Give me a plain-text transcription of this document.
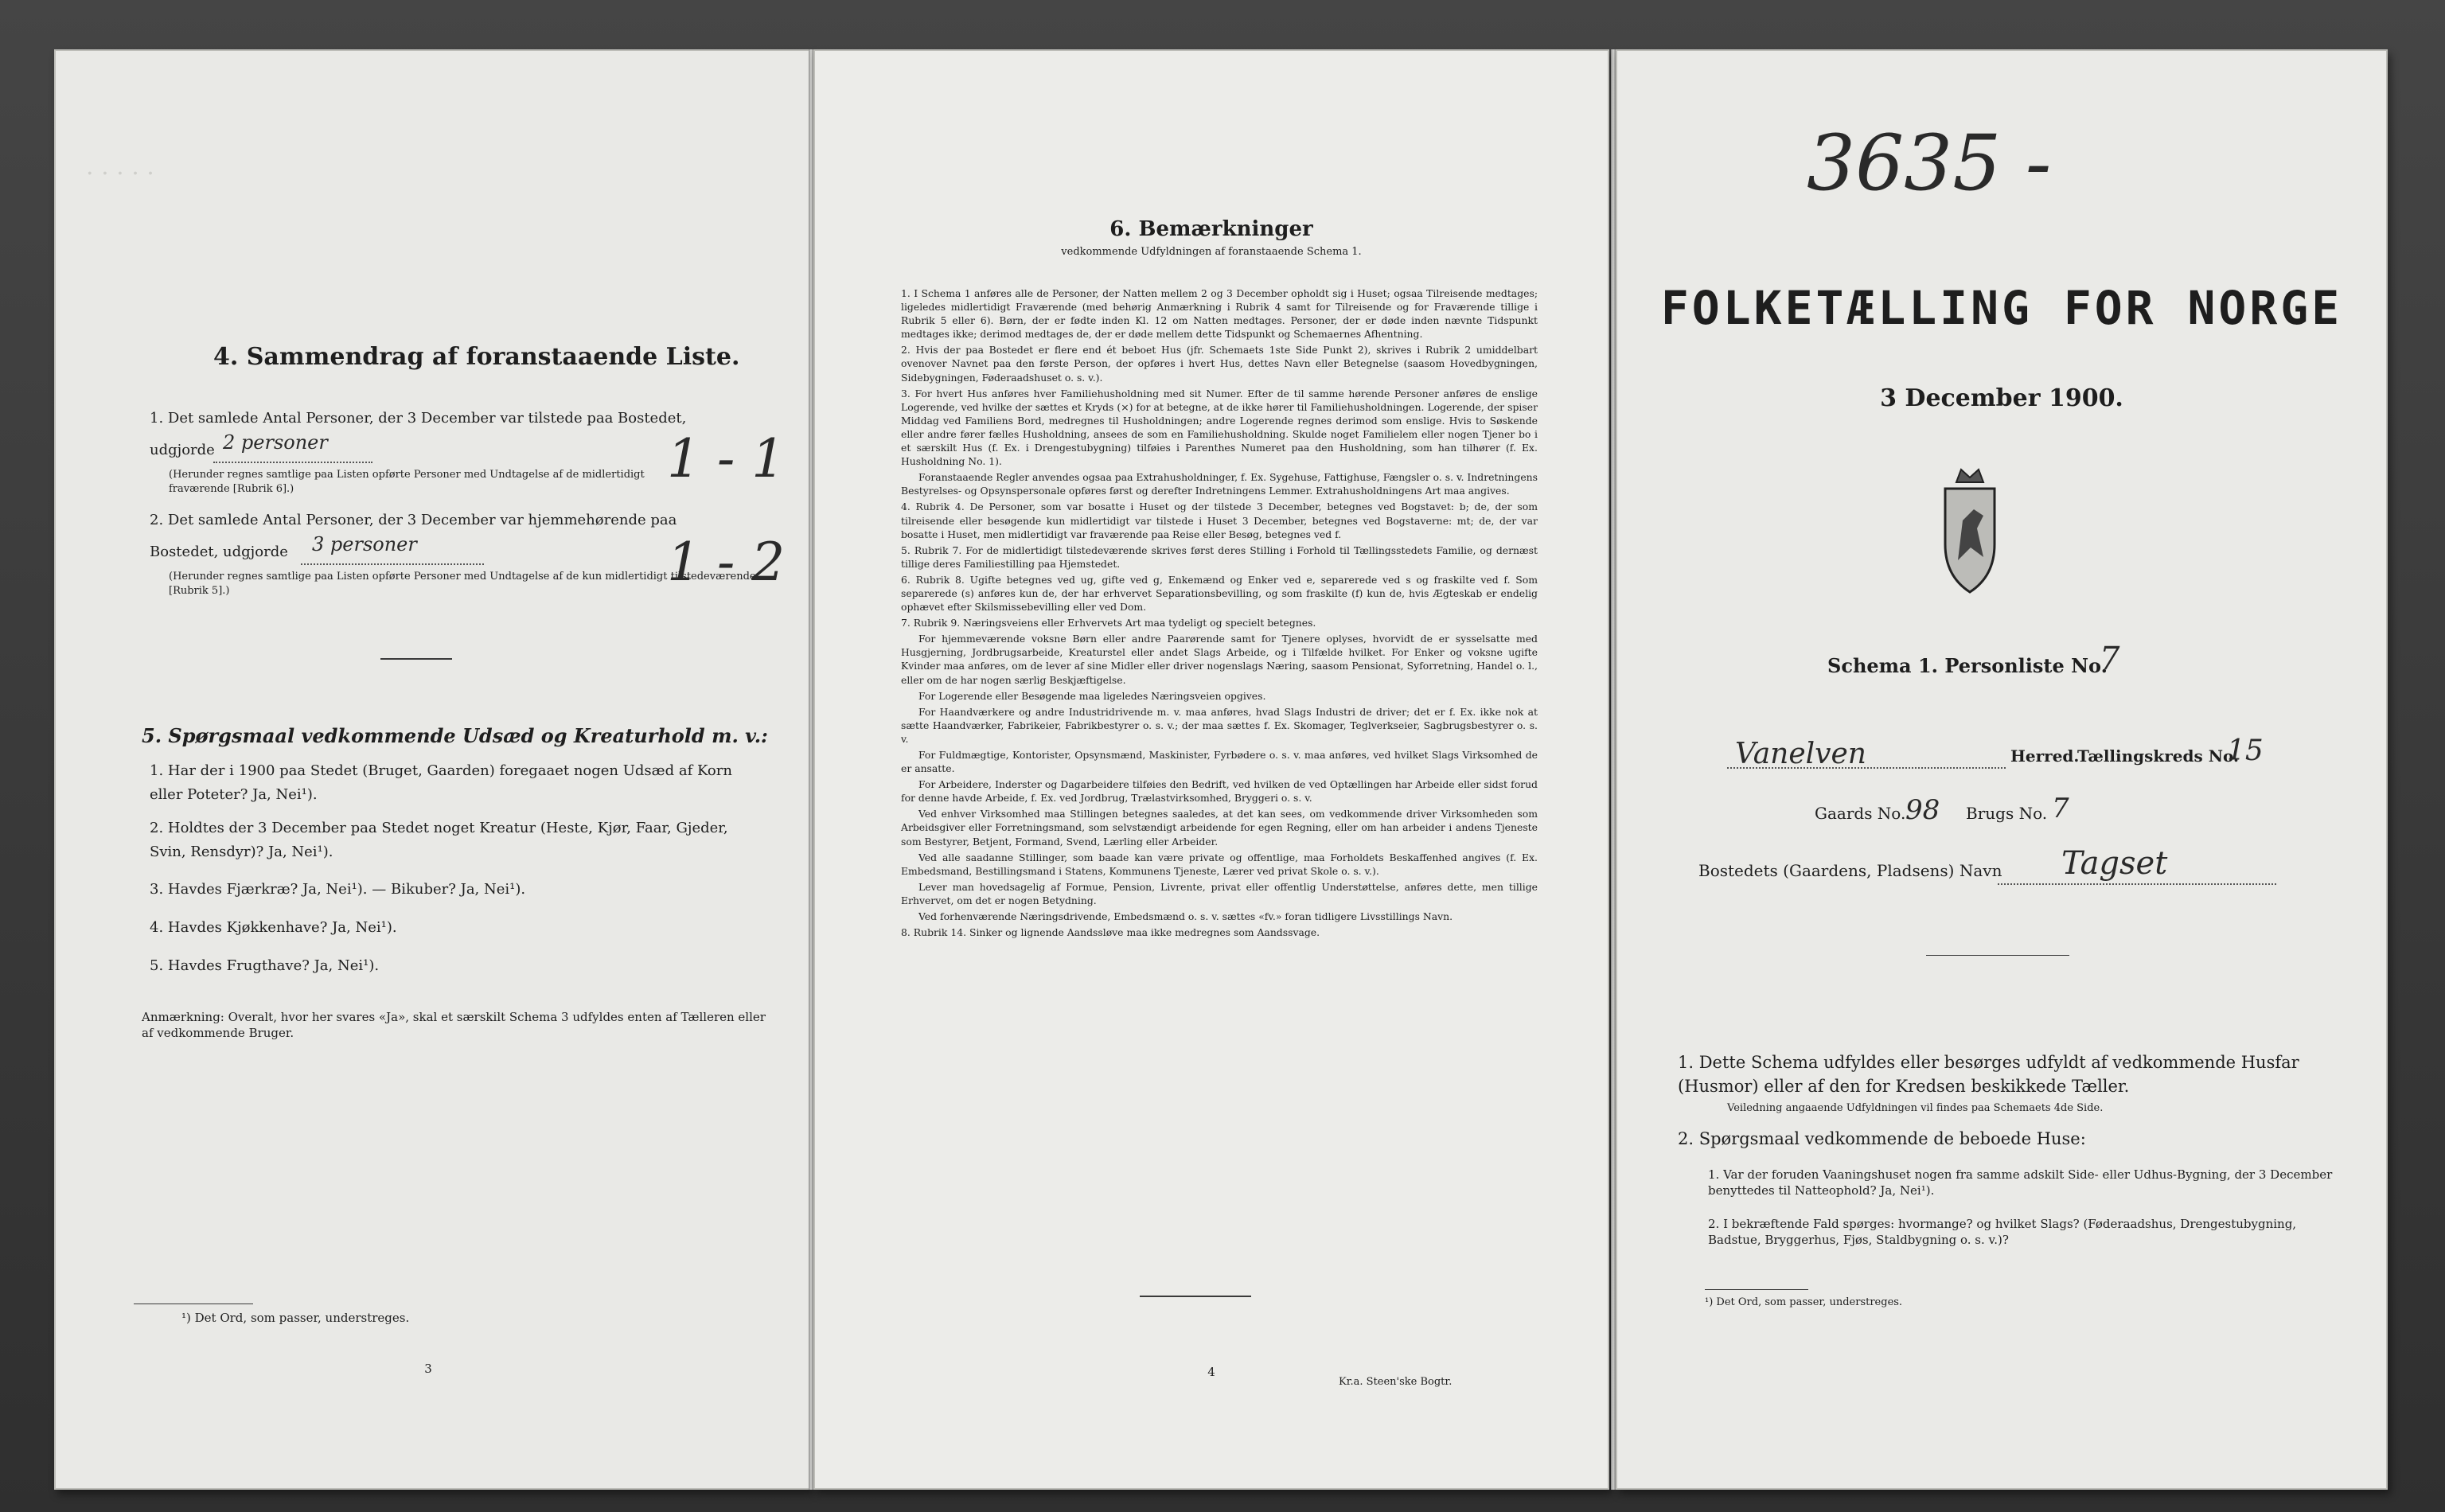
. . . . .
4. Sammendrag af foranstaaende Liste.
1. Det samlede Antal Personer, der 3 December var tilstede paa Bostedet,
udgjorde 2 personer
(Herunder regnes samtlige paa Listen opførte Personer med Undtagelse af de midlertidigt fraværende [Rubrik 6].)	1 - 1
2. Det samlede Antal Personer, der 3 December var hjemmehørende paa
Bostedet, udgjorde 3 personer
(Herunder regnes samtlige paa Listen opførte Personer med Undtagelse af de kun midlertidigt tilstedeværende [Rubrik 5].)	1 - 2
5. Spørgsmaal vedkommende Udsæd og Kreaturhold m. v.:
1. Har der i 1900 paa Stedet (Bruget, Gaarden) foregaaet nogen Udsæd af Korn eller Poteter? Ja, Nei¹).
2. Holdtes der 3 December paa Stedet noget Kreatur (Heste, Kjør, Faar, Gjeder, Svin, Rensdyr)? Ja, Nei¹).
3. Havdes Fjærkræ? Ja, Nei¹). — Bikuber? Ja, Nei¹).
4. Havdes Kjøkkenhave? Ja, Nei¹).
5. Havdes Frugthave? Ja, Nei¹).
Anmærkning: Overalt, hvor her svares «Ja», skal et særskilt Schema 3 udfyldes enten af Tælleren eller af vedkommende Bruger.
¹) Det Ord, som passer, understreges.
3
6. Bemærkninger
vedkommende Udfyldningen af foranstaaende Schema 1.
1. I Schema 1 anføres alle de Personer, der Natten mellem 2 og 3 December opholdt sig i Huset; ogsaa Tilreisende medtages; ligeledes midlertidigt Fraværende (med behørig Anmærkning i Rubrik 4 samt for Tilreisende og for Fraværende tillige i Rubrik 5 eller 6). Børn, der er fødte inden Kl. 12 om Natten medtages. Personer, der er døde inden nævnte Tidspunkt medtages ikke; derimod medtages de, der er døde mellem dette Tidspunkt og Schemaernes Afhentning.
2. Hvis der paa Bostedet er flere end ét beboet Hus (jfr. Schemaets 1ste Side Punkt 2), skrives i Rubrik 2 umiddelbart ovenover Navnet paa den første Person, der opføres i hvert Hus, dettes Navn eller Betegnelse (saasom Hovedbygningen, Sidebygningen, Føderaadshuset o. s. v.).
3. For hvert Hus anføres hver Familiehusholdning med sit Numer. Efter de til samme hørende Personer anføres de enslige Logerende, ved hvilke der sættes et Kryds (×) for at betegne, at de ikke hører til Familiehusholdningen. Logerende, der spiser Middag ved Familiens Bord, medregnes til Husholdningen; andre Logerende regnes derimod som enslige. Hvis to Søskende eller andre fører fælles Husholdning, ansees de som en Familiehusholdning. Skulde noget Familielem eller nogen Tjener bo i et særskilt Hus (f. Ex. i Drengestubygning) tilføies i Parenthes Numeret paa den Husholdning, som han tilhører (f. Ex. Husholdning No. 1).
Foranstaaende Regler anvendes ogsaa paa Extrahusholdninger, f. Ex. Sygehuse, Fattighuse, Fængsler o. s. v. Indretningens Bestyrelses- og Opsynspersonale opføres først og derefter Indretningens Lemmer. Extrahusholdningens Art maa angives.
4. Rubrik 4. De Personer, som var bosatte i Huset og der tilstede 3 December, betegnes ved Bogstavet: b; de, der som tilreisende eller besøgende kun midlertidigt var tilstede i Huset 3 December, betegnes ved Bogstaverne: mt; de, der var bosatte i Huset, men midlertidigt var fraværende paa Reise eller Besøg, betegnes ved f.
5. Rubrik 7. For de midlertidigt tilstedeværende skrives først deres Stilling i Forhold til Tællingsstedets Familie, og dernæst tillige deres Familiestilling paa Hjemstedet.
6. Rubrik 8. Ugifte betegnes ved ug, gifte ved g, Enkemænd og Enker ved e, separerede ved s og fraskilte ved f. Som separerede (s) anføres kun de, der har erhvervet Separationsbevilling, og som fraskilte (f) kun de, hvis Ægteskab er endelig ophævet efter Skilsmissebevilling eller ved Dom.
7. Rubrik 9. Næringsveiens eller Erhvervets Art maa tydeligt og specielt betegnes.
For hjemmeværende voksne Børn eller andre Paarørende samt for Tjenere oplyses, hvorvidt de er sysselsatte med Husgjerning, Jordbrugsarbeide, Kreaturstel eller andet Slags Arbeide, og i Tilfælde hvilket. For Enker og voksne ugifte Kvinder maa anføres, om de lever af sine Midler eller driver nogenslags Næring, saasom Pensionat, Syforretning, Handel o. l., eller om de har nogen særlig Beskjæftigelse.
For Logerende eller Besøgende maa ligeledes Næringsveien opgives.
For Haandværkere og andre Industridrivende m. v. maa anføres, hvad Slags Industri de driver; det er f. Ex. ikke nok at sætte Haandværker, Fabrikeier, Fabrikbestyrer o. s. v.; der maa sættes f. Ex. Skomager, Teglverkseier, Sagbrugsbestyrer o. s. v.
For Fuldmægtige, Kontorister, Opsynsmænd, Maskinister, Fyrbødere o. s. v. maa anføres, ved hvilket Slags Virksomhed de er ansatte.
For Arbeidere, Inderster og Dagarbeidere tilføies den Bedrift, ved hvilken de ved Optællingen har Arbeide eller sidst forud for denne havde Arbeide, f. Ex. ved Jordbrug, Trælastvirksomhed, Bryggeri o. s. v.
Ved enhver Virksomhed maa Stillingen betegnes saaledes, at det kan sees, om vedkommende driver Virksomheden som Arbeidsgiver eller Forretningsmand, som selvstændigt arbeidende for egen Regning, eller om han arbeider i andens Tjeneste som Bestyrer, Betjent, Formand, Svend, Lærling eller Arbeider.
Ved alle saadanne Stillinger, som baade kan være private og offentlige, maa Forholdets Beskaffenhed angives (f. Ex. Embedsmand, Bestillingsmand i Statens, Kommunens Tjeneste, Lærer ved privat Skole o. s. v.).
Lever man hovedsagelig af Formue, Pension, Livrente, privat eller offentlig Understøttelse, anføres dette, men tillige Erhvervet, om det er nogen Betydning.
Ved forhenværende Næringsdrivende, Embedsmænd o. s. v. sættes «fv.» foran tidligere Livsstillings Navn.
8. Rubrik 14. Sinker og lignende Aandssløve maa ikke medregnes som Aandssvage.
4
Kr.a. Steen'ske Bogtr.
3635 -
FOLKETÆLLING FOR NORGE
3 December 1900.
Schema 1. Personliste No.
7
Vanelven	Herred.
Tællingskreds No.
15
Gaards No. 98 Brugs No. 7
Bostedets (Gaardens, Pladsens) Navn Tagset
1. Dette Schema udfyldes eller besørges udfyldt af vedkommende Husfar (Husmor) eller af den for Kredsen beskikkede Tæller.
Veiledning angaaende Udfyldningen vil findes paa Schemaets 4de Side.
2. Spørgsmaal vedkommende de beboede Huse:
1. Var der foruden Vaaningshuset nogen fra samme adskilt Side- eller Udhus-Bygning, der 3 December benyttedes til Natteophold? Ja, Nei¹).
2. I bekræftende Fald spørges: hvormange? og hvilket Slags? (Føderaadshus, Drengestubygning, Badstue, Bryggerhus, Fjøs, Staldbygning o. s. v.)?
¹) Det Ord, som passer, understreges.
